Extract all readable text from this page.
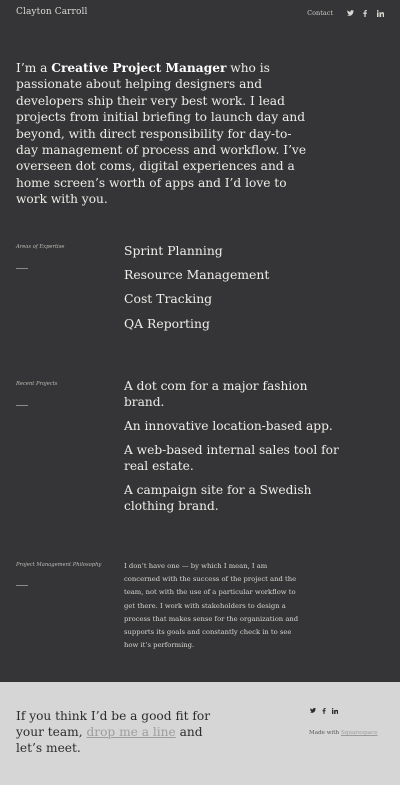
Clayton Carroll	Contact

I’m a Creative Project Manager who is passionate about helping designers and developers ship their very best work. I lead projects from initial briefing to launch day and beyond, with direct responsibility for day-to-day management of process and workflow. I’ve overseen dot coms, digital experiences and a home screen’s worth of apps and I’d love to work with you.

Areas of Expertise	Sprint Planning
Resource Management
Cost Tracking
QA Reporting
Recent Projects	A dot com for a major fashion brand.
An innovative location-based app.
A web-based internal sales tool for real estate.
A campaign site for a Swedish clothing brand.
Project Management Philosophy	I don’t have one — by which I mean, I am concerned with the success of the project and the team, not with the use of a particular workflow to get there. I work with stakeholders to design a process that makes sense for the organization and supports its goals and constantly check in to see how it’s performing.

If you think I’d be a good fit for your team, drop me a line and let’s meet.

Made with Squarespace
